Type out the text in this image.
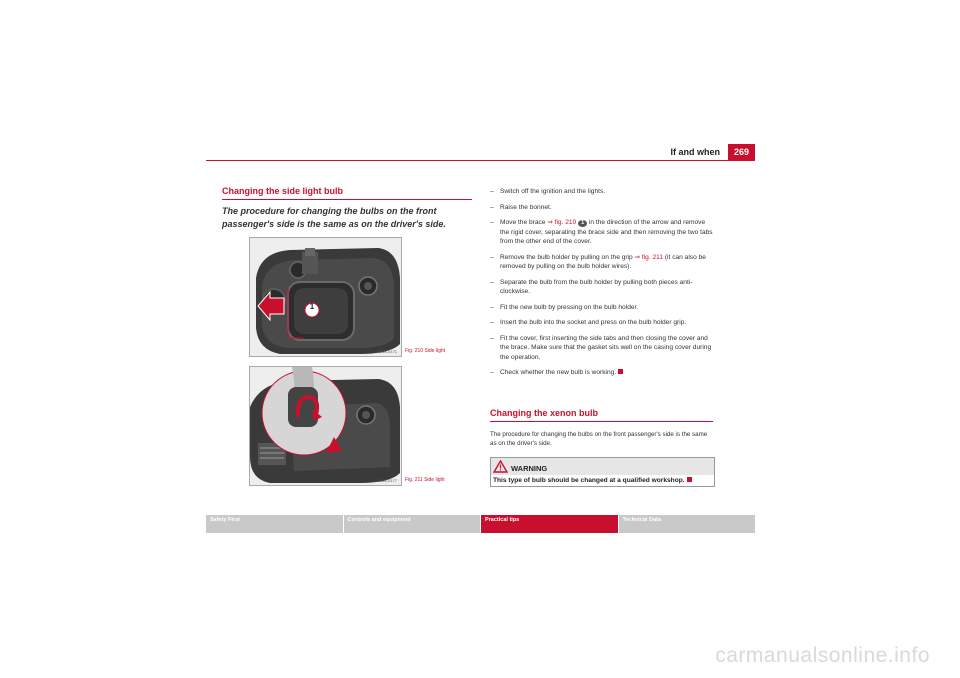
If and when	269
Changing the side light bulb
The procedure for changing the bulbs on the front passenger's side is the same as on the driver's side.
1
B5M-0171 Fig. 210 Side light
B5M-0177 Fig. 211 Side light
– Switch off the ignition and the lights.
– Raise the bonnet.
– Move the brace ⇒ fig. 210 1 in the direction of the arrow and remove the rigid cover, separating the brace side and then removing the two tabs from the other end of the cover.
– Remove the bulb holder by pulling on the grip ⇒ fig. 211 (it can also be removed by pulling on the bulb holder wires).
– Separate the bulb from the bulb holder by pulling both pieces anti-clockwise.
– Fit the new bulb by pressing on the bulb holder.
– Insert the bulb into the socket and press on the bulb holder grip.
– Fit the cover, first inserting the side tabs and then closing the cover and the brace. Make sure that the gasket sits well on the casing cover during the operation.
– Check whether the new bulb is working.
Changing the xenon bulb
The procedure for changing the bulbs on the front passenger's side is the same as on the driver's side.
WARNING
This type of bulb should be changed at a qualified workshop.
Safety First	Controls and equipment	Practical tips	Technical Data
carmanualsonline.info
